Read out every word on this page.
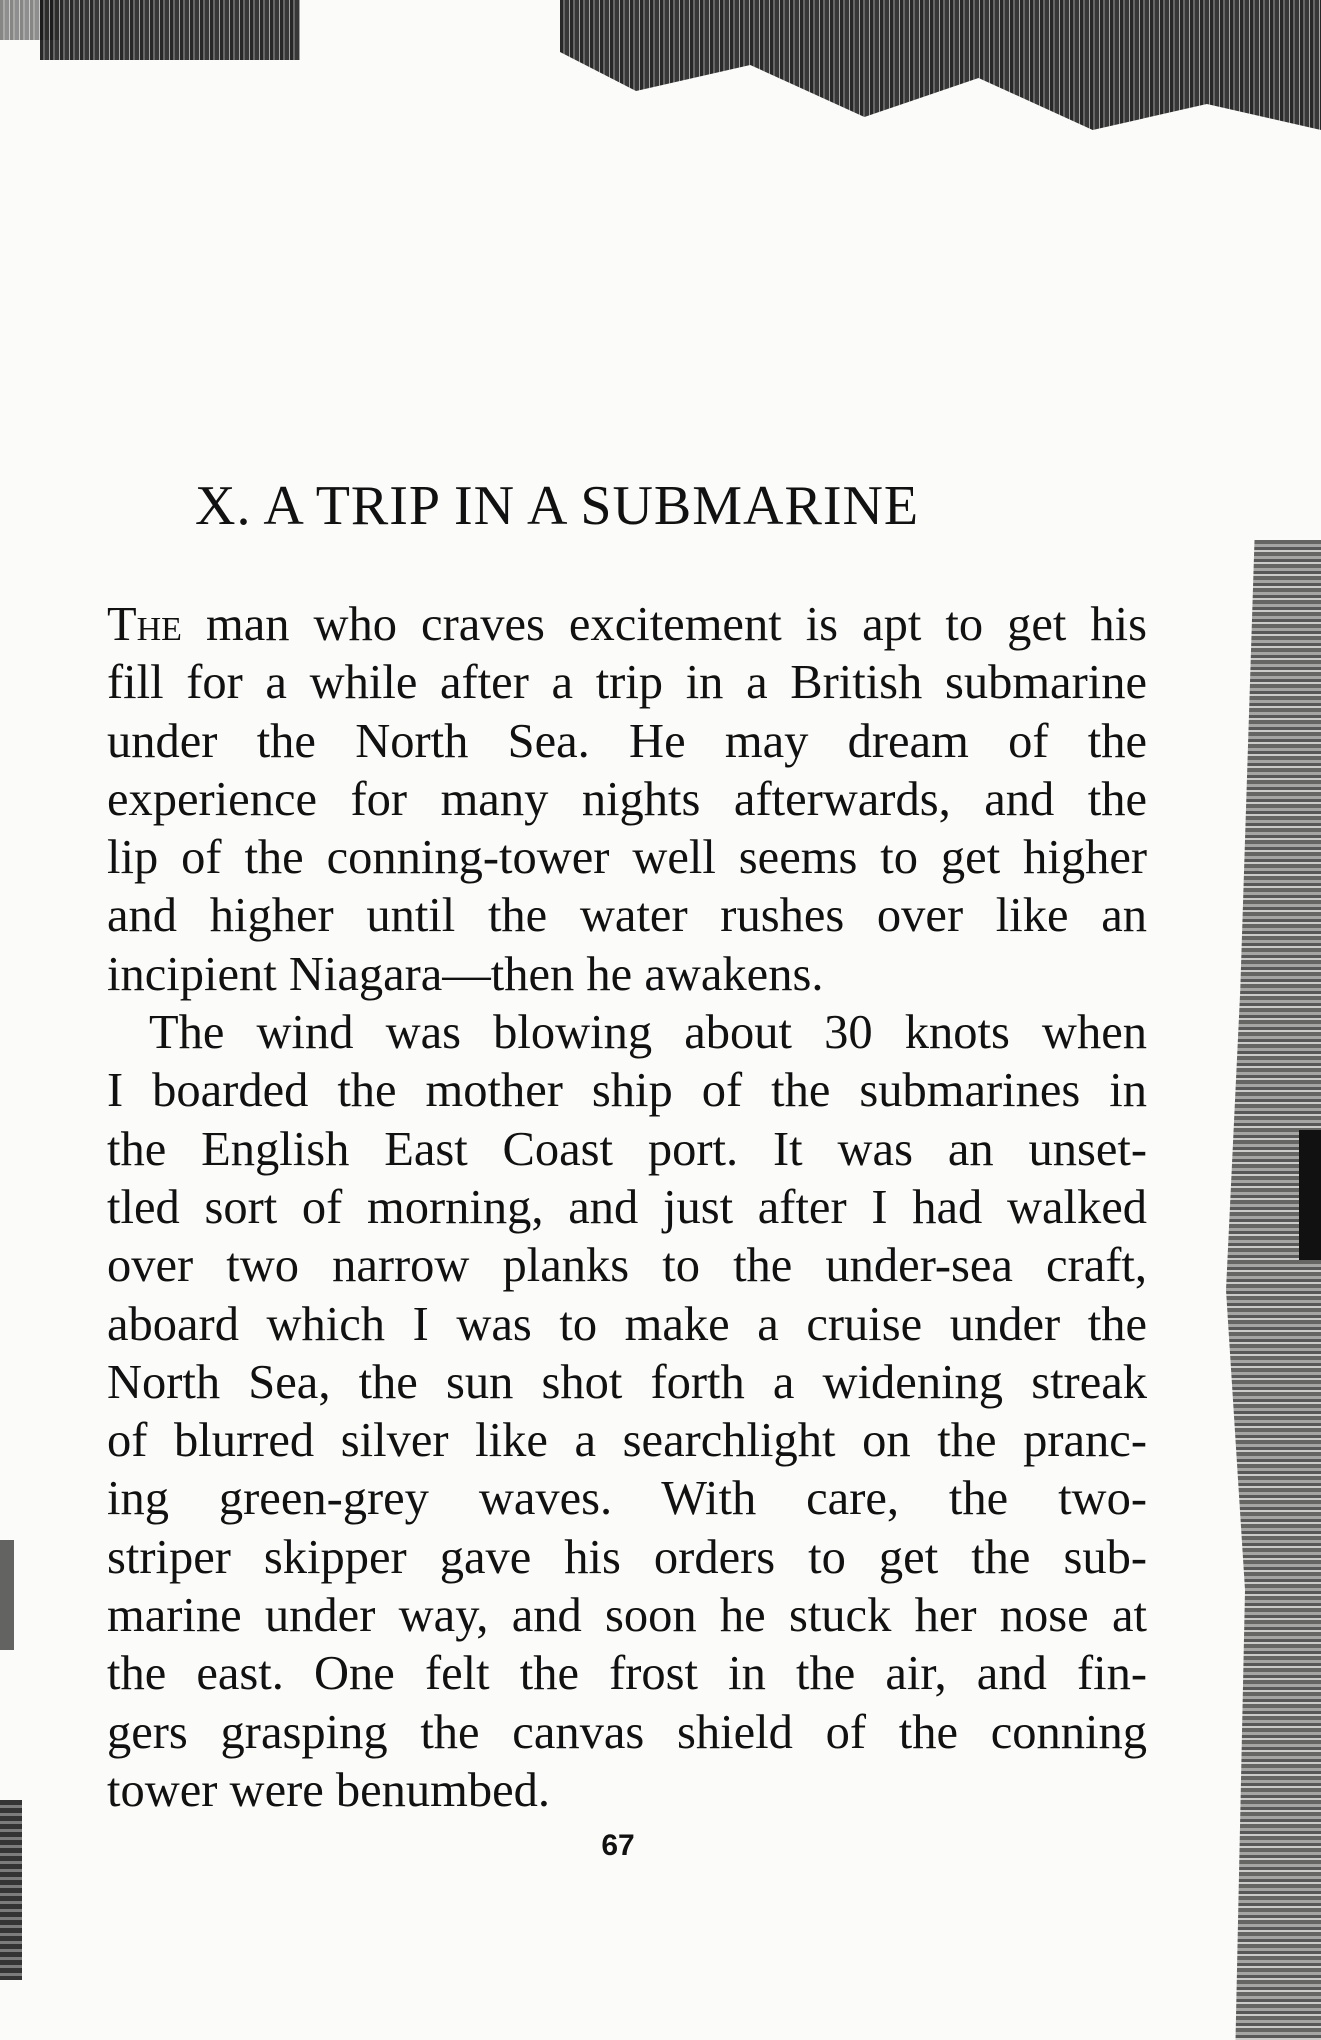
X. A TRIP IN A SUBMARINE
The man who craves excitement is apt to get his
fill for a while after a trip in a British submarine
under the North Sea. He may dream of the
experience for many nights afterwards, and the
lip of the conning-tower well seems to get higher
and higher until the water rushes over like an
incipient Niagara—then he awakens.
The wind was blowing about 30 knots when
I boarded the mother ship of the submarines in
the English East Coast port. It was an unset-
tled sort of morning, and just after I had walked
over two narrow planks to the under-sea craft,
aboard which I was to make a cruise under the
North Sea, the sun shot forth a widening streak
of blurred silver like a searchlight on the pranc-
ing green-grey waves. With care, the two-
striper skipper gave his orders to get the sub-
marine under way, and soon he stuck her nose at
the east. One felt the frost in the air, and fin-
gers grasping the canvas shield of the conning
tower were benumbed.
67
